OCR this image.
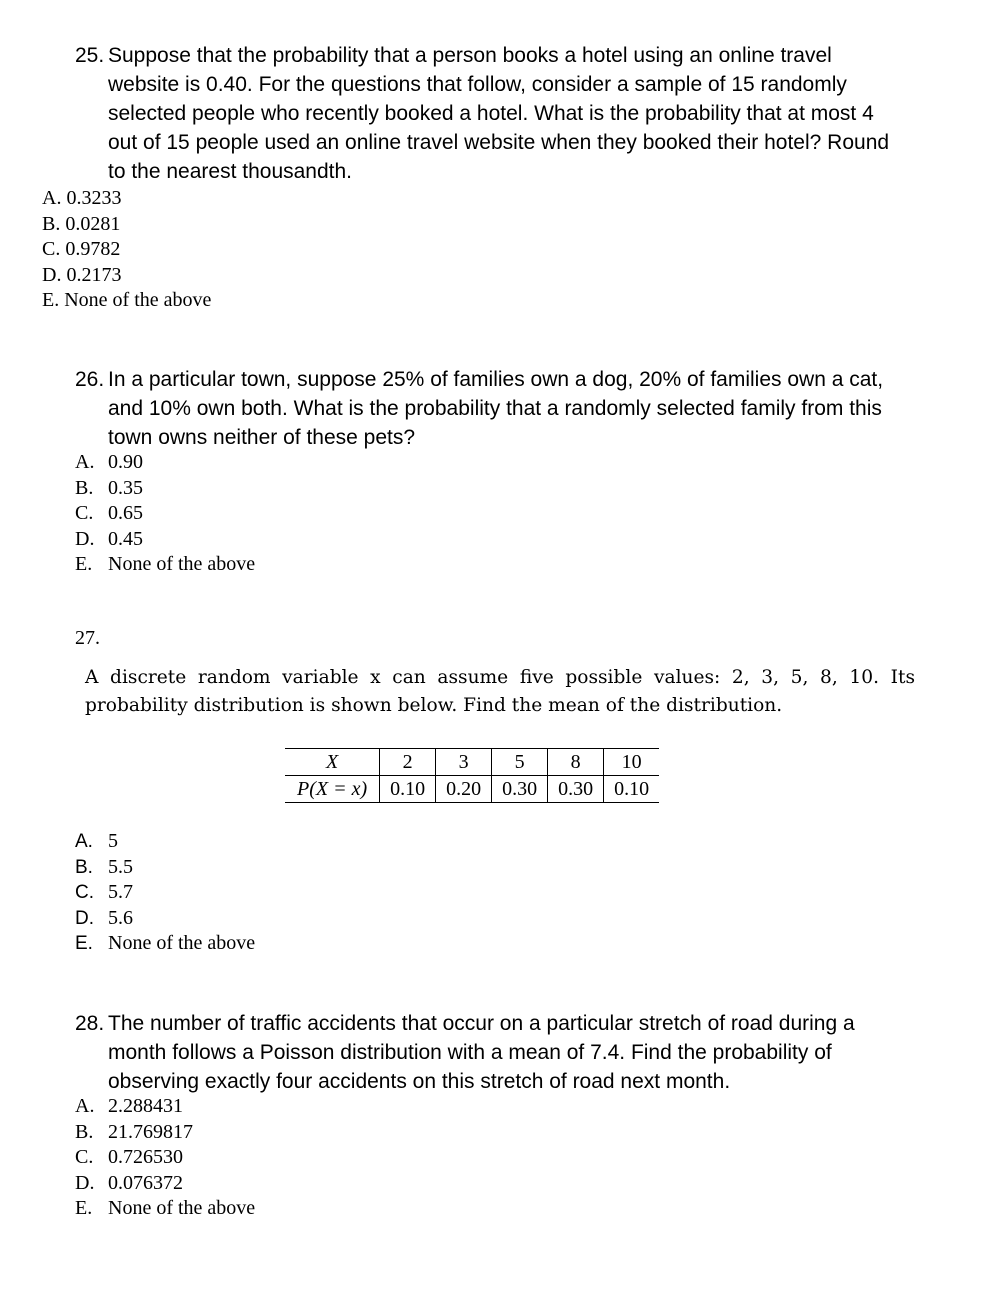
25. Suppose that the probability that a person books a hotel using an online travel website is 0.40. For the questions that follow, consider a sample of 15 randomly selected people who recently booked a hotel. What is the probability that at most 4 out of 15 people used an online travel website when they booked their hotel? Round to the nearest thousandth.
A. 0.3233
B. 0.0281
C. 0.9782
D. 0.2173
E. None of the above
26. In a particular town, suppose 25% of families own a dog, 20% of families own a cat, and 10% own both. What is the probability that a randomly selected family from this town owns neither of these pets?
A. 0.90
B. 0.35
C. 0.65
D. 0.45
E. None of the above
27.
A discrete random variable x can assume five possible values: 2, 3, 5, 8, 10. Its probability distribution is shown below. Find the mean of the distribution.
X	2	3	5	8	10
P(X = x)	0.10	0.20	0.30	0.30	0.10
A. 5
B. 5.5
C. 5.7
D. 5.6
E. None of the above
28. The number of traffic accidents that occur on a particular stretch of road during a month follows a Poisson distribution with a mean of 7.4. Find the probability of observing exactly four accidents on this stretch of road next month.
A. 2.288431
B. 21.769817
C. 0.726530
D. 0.076372
E. None of the above
